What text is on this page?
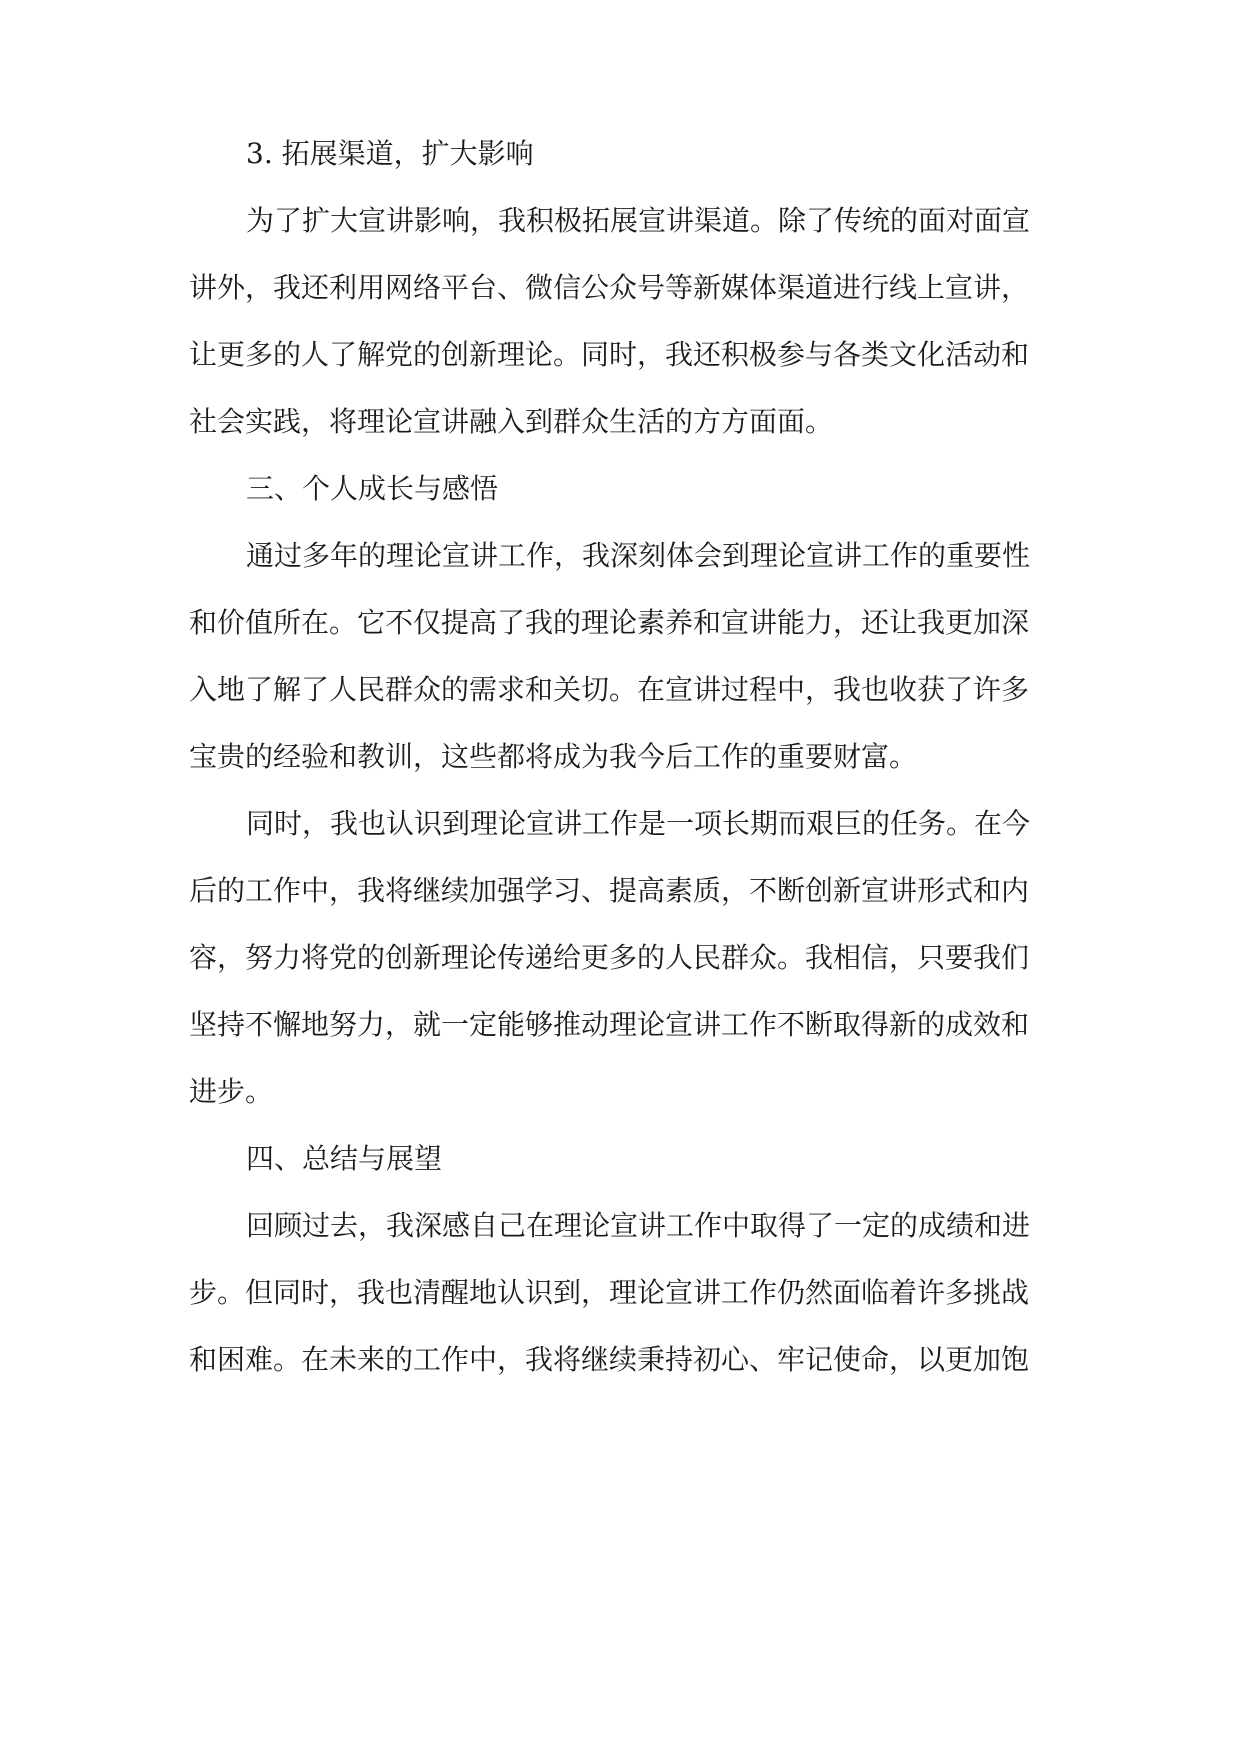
3. 拓展渠道，扩大影响
为了扩大宣讲影响，我积极拓展宣讲渠道。除了传统的面对面宣
讲外，我还利用网络平台、微信公众号等新媒体渠道进行线上宣讲，
让更多的人了解党的创新理论。同时，我还积极参与各类文化活动和
社会实践，将理论宣讲融入到群众生活的方方面面。
三、个人成长与感悟
通过多年的理论宣讲工作，我深刻体会到理论宣讲工作的重要性
和价值所在。它不仅提高了我的理论素养和宣讲能力，还让我更加深
入地了解了人民群众的需求和关切。在宣讲过程中，我也收获了许多
宝贵的经验和教训，这些都将成为我今后工作的重要财富。
同时，我也认识到理论宣讲工作是一项长期而艰巨的任务。在今
后的工作中，我将继续加强学习、提高素质，不断创新宣讲形式和内
容，努力将党的创新理论传递给更多的人民群众。我相信，只要我们
坚持不懈地努力，就一定能够推动理论宣讲工作不断取得新的成效和
进步。
四、总结与展望
回顾过去，我深感自己在理论宣讲工作中取得了一定的成绩和进
步。但同时，我也清醒地认识到，理论宣讲工作仍然面临着许多挑战
和困难。在未来的工作中，我将继续秉持初心、牢记使命，以更加饱
